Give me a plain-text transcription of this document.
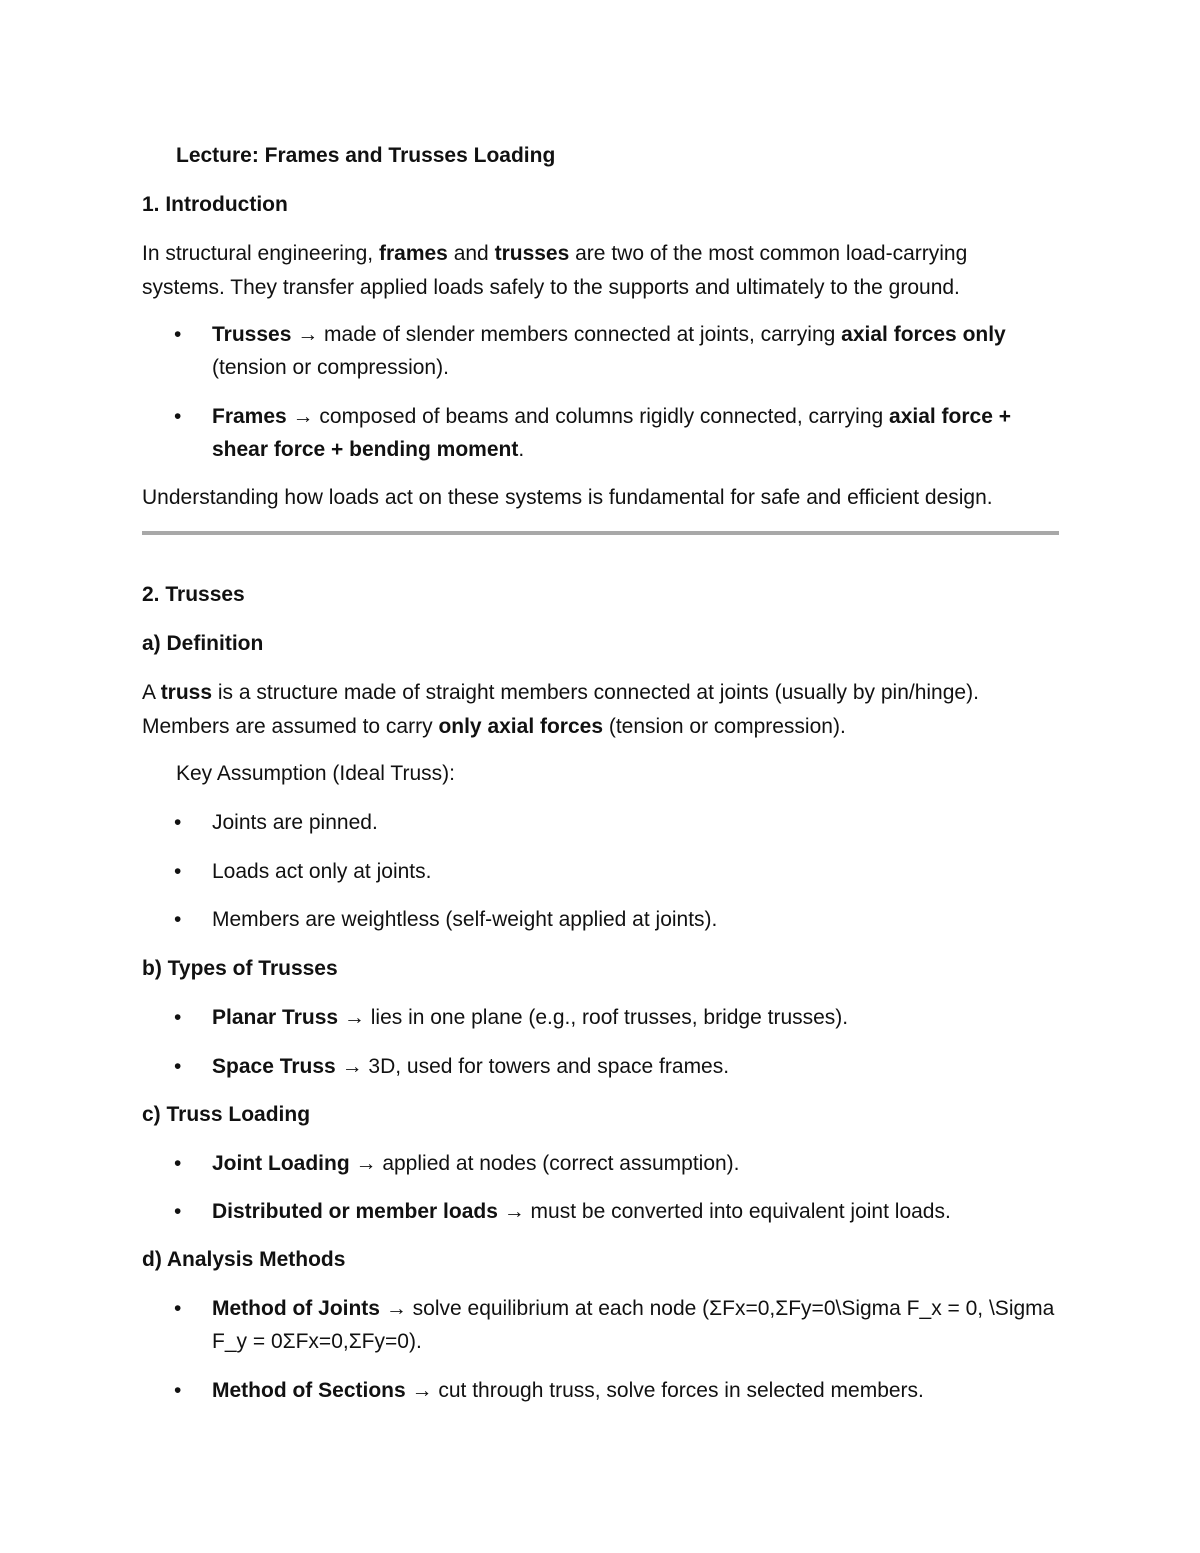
Lecture: Frames and Trusses Loading
1. Introduction
In structural engineering, frames and trusses are two of the most common load-carrying systems. They transfer applied loads safely to the supports and ultimately to the ground.
• Trusses → made of slender members connected at joints, carrying axial forces only (tension or compression).
• Frames → composed of beams and columns rigidly connected, carrying axial force + shear force + bending moment.
Understanding how loads act on these systems is fundamental for safe and efficient design.
2. Trusses
a) Definition
A truss is a structure made of straight members connected at joints (usually by pin/hinge). Members are assumed to carry only axial forces (tension or compression).
Key Assumption (Ideal Truss):
• Joints are pinned.
• Loads act only at joints.
• Members are weightless (self-weight applied at joints).
b) Types of Trusses
• Planar Truss → lies in one plane (e.g., roof trusses, bridge trusses).
• Space Truss → 3D, used for towers and space frames.
c) Truss Loading
• Joint Loading → applied at nodes (correct assumption).
• Distributed or member loads → must be converted into equivalent joint loads.
d) Analysis Methods
• Method of Joints → solve equilibrium at each node (ΣFx=0,ΣFy=0\Sigma F_x = 0, \Sigma F_y = 0ΣFx=0,ΣFy=0).
• Method of Sections → cut through truss, solve forces in selected members.
